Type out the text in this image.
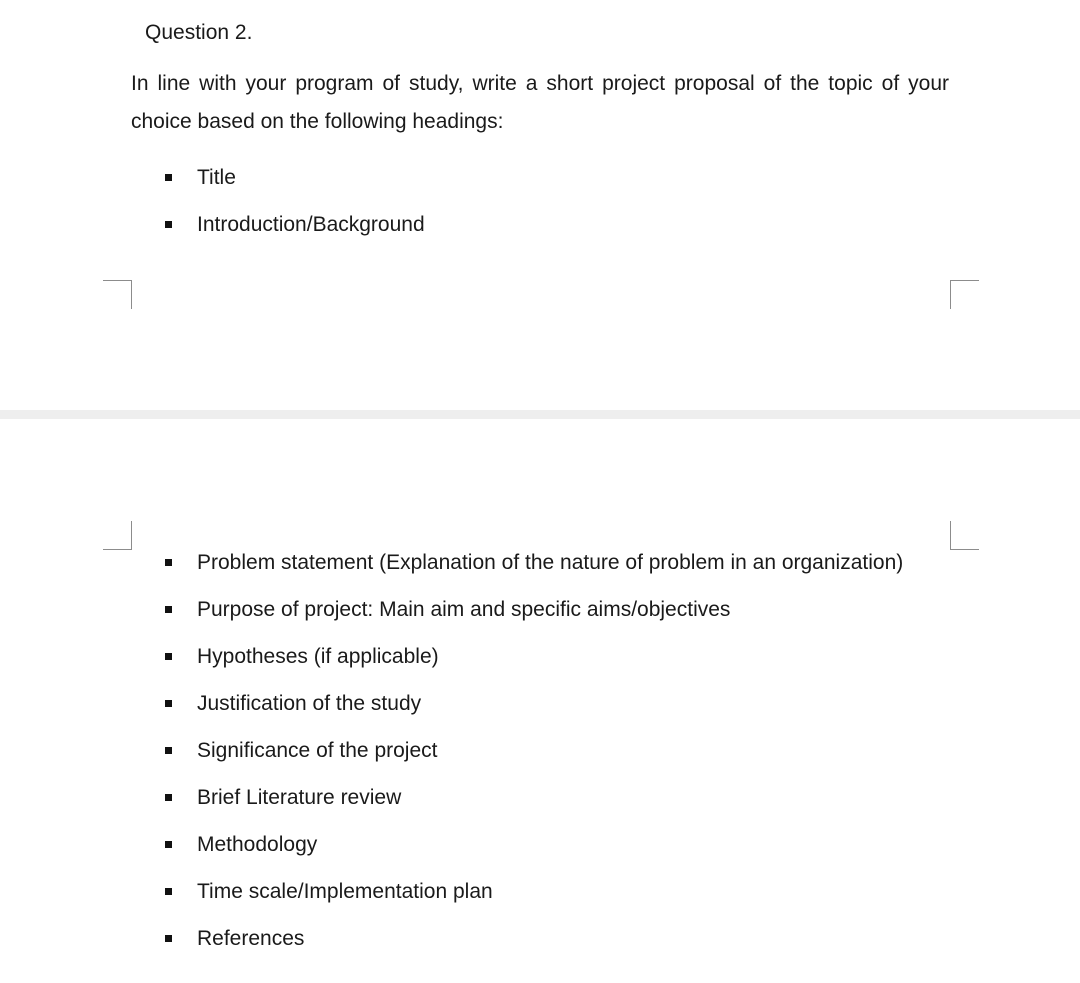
Question 2.

In line with your program of study, write a short project proposal of the topic of your choice based on the following headings:

Title
Introduction/Background
Problem statement (Explanation of the nature of problem in an organization)
Purpose of project: Main aim and specific aims/objectives
Hypotheses (if applicable)
Justification of the study
Significance of the project
Brief Literature review
Methodology
Time scale/Implementation plan
References
